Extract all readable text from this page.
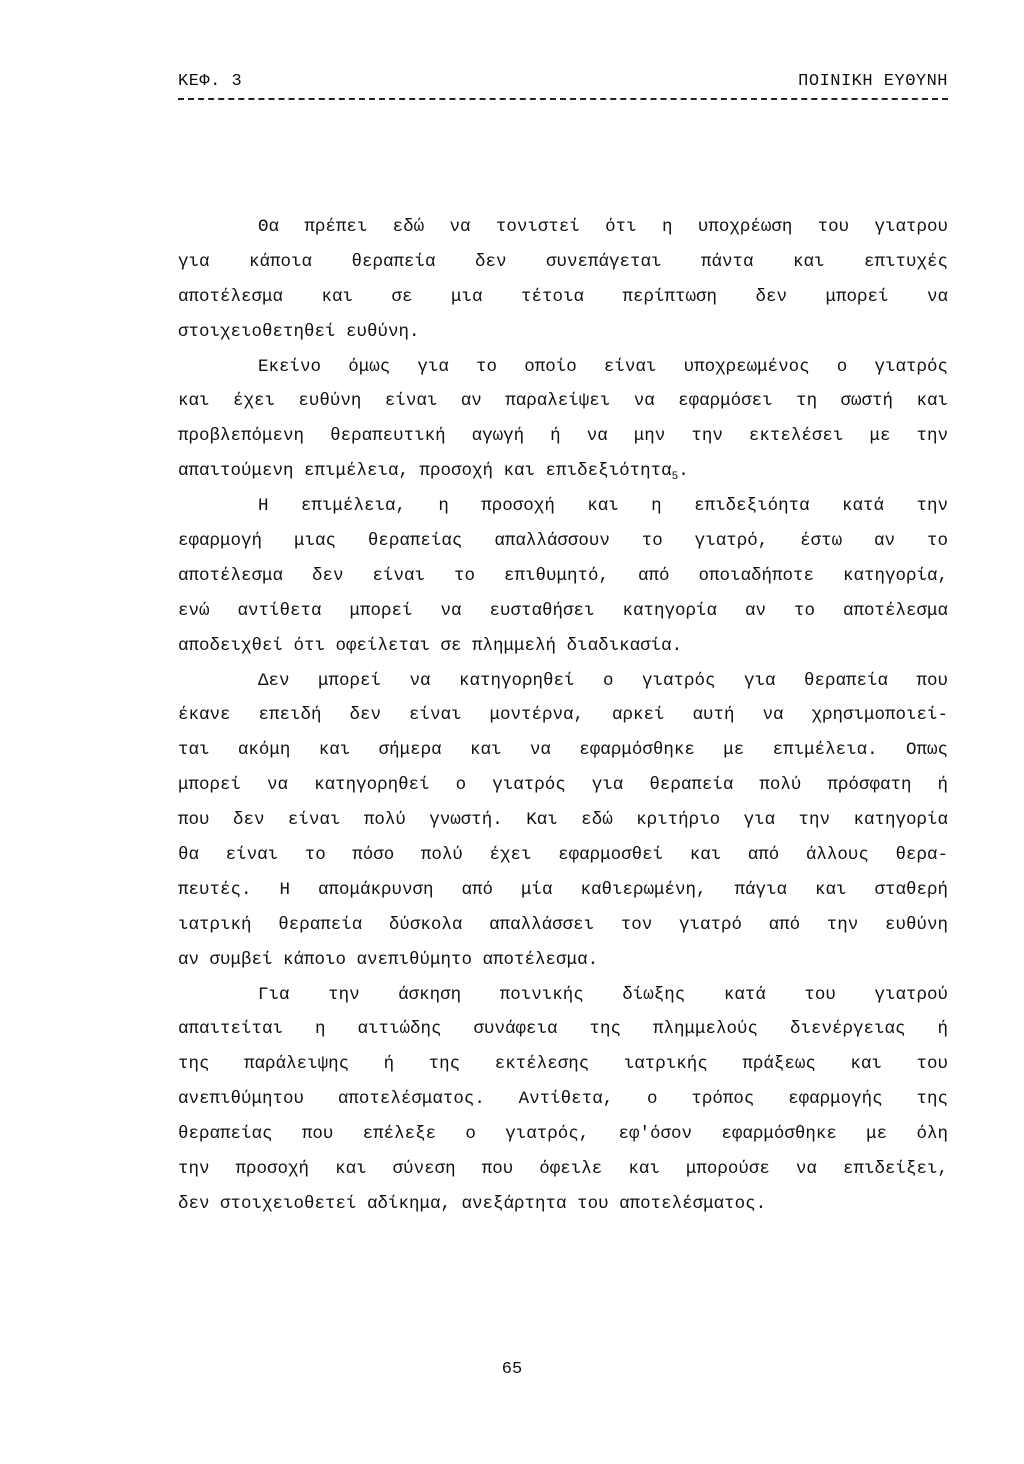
ΚΕΦ. 3	ΠΟΙΝΙΚΗ ΕΥΘΥΝΗ
Θα πρέπει εδώ να τονιστεί ότι η υποχρέωση του γιατρου
για κάποια θεραπεία δεν συνεπάγεται πάντα και επιτυχές
αποτέλεσμα και σε μια τέτοια περίπτωση δεν μπορεί να
στοιχειοθετηθεί ευθύνη.
Εκείνο όμως για το οποίο είναι υποχρεωμένος ο γιατρός
και έχει ευθύνη είναι αν παραλείψει να εφαρμόσει τη σωστή και
προβλεπόμενη θεραπευτική αγωγή ή να μην την εκτελέσει με την
απαιτούμενη επιμέλεια, προσοχή και επιδεξιότητα$_5$.
Η επιμέλεια, η προσοχή και η επιδεξιόητα κατά την
εφαρμογή μιας θεραπείας απαλλάσσουν το γιατρό, έστω αν το
αποτέλεσμα δεν είναι το επιθυμητό, από οποιαδήποτε κατηγορία,
ενώ αντίθετα μπορεί να ευσταθήσει κατηγορία αν το αποτέλεσμα
αποδειχθεί ότι οφείλεται σε πλημμελή διαδικασία.
Δεν μπορεί να κατηγορηθεί ο γιατρός για θεραπεία που
έκανε επειδή δεν είναι μοντέρνα, αρκεί αυτή να χρησιμοποιεί-
ται ακόμη και σήμερα και να εφαρμόσθηκε με επιμέλεια. Οπως
μπορεί να κατηγορηθεί ο γιατρός για θεραπεία πολύ πρόσφατη ή
που δεν είναι πολύ γνωστή. Και εδώ κριτήριο για την κατηγορία
θα είναι το πόσο πολύ έχει εφαρμοσθεί και από άλλους θερα-
πευτές. Η απομάκρυνση από μία καθιερωμένη, πάγια και σταθερή
ιατρική θεραπεία δύσκολα απαλλάσσει τον γιατρό από την ευθύνη
αν συμβεί κάποιο ανεπιθύμητο αποτέλεσμα.
Για την άσκηση ποινικής δίωξης κατά του γιατρού
απαιτείται η αιτιώδης συνάφεια της πλημμελούς διενέργειας ή
της παράλειψης ή της εκτέλεσης ιατρικής πράξεως και του
ανεπιθύμητου αποτελέσματος. Αντίθετα, ο τρόπος εφαρμογής της
θεραπείας που επέλεξε ο γιατρός, εφ'όσον εφαρμόσθηκε με όλη
την προσοχή και σύνεση που όφειλε και μπορούσε να επιδείξει,
δεν στοιχειοθετεί αδίκημα, ανεξάρτητα του αποτελέσματος.
65
